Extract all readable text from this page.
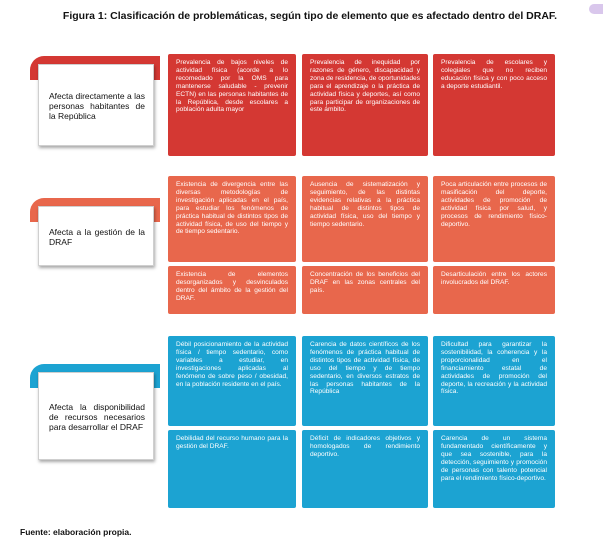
Figura 1: Clasificación de problemáticas, según tipo de elemento que es afectado dentro del DRAF.
Afecta directamente a las personas habitantes de la República
Prevalencia de bajos niveles de actividad física (acorde a lo recomedado por la OMS para mantenerse saludable - prevenir ECTN) en las personas habitantes de la República, desde escolares a población adulta mayor
Prevalencia de inequidad por razones de género, discapacidad y zona de residencia, de oportunidades para el aprendizaje o la práctica de actividad física y deportes, así como para participar de organizaciones de este ámbito.
Prevalencia de escolares y colegiales que no reciben educación física y con poco acceso a deporte estudiantil.
Afecta a la gestión de la DRAF
Existencia de divergencia entre las diversas metodologías de investigación aplicadas en el país, para estudiar los fenómenos de práctica habitual de distintos tipos de actividad física, de uso del tiempo y de tiempo sedentario.
Ausencia de sistematización y seguimiento, de las distintas evidencias relativas a la práctica habitual de distintos tipos de actividad física, uso del tiempo y tiempo sedentario.
Poca articulación entre procesos de masificación del deporte, actividades de promoción de actividad física por salud, y procesos de rendimiento físico-deportivo.
Existencia de elementos desorganizados y desvinculados dentro del ámbito de la gestión del DRAF.
Concentración de los beneficios del DRAF en las zonas centrales del país.
Desarticulación entre los actores involucrados del DRAF.
Afecta la disponibilidad de recursos necesarios para desarrollar el DRAF
Débil posicionamiento de la actividad física / tiempo sedentario, como variables a estudiar, en investigaciones aplicadas al fenómeno de sobre peso / obesidad, en la población residente en el país.
Carencia de datos científicos de los fenómenos de práctica habitual de distintos tipos de actividad física, de uso del tiempo y de tiempo sedentario, en diversos estratos de las personas habitantes de la República
Dificultad para garantizar la sostenibilidad, la coherencia y la proporcionalidad en el financiamiento estatal de actividades de promoción del deporte, la recreación y la actividad física.
Debilidad del recurso humano para la gestión del DRAF.
Déficit de indicadores objetivos y homologados de rendimiento deportivo.
Carencia de un sistema fundamentado científicamente y que sea sostenible, para la detección, seguimiento y promoción de personas con talento potencial para el rendimiento físico-deportivo.
Fuente: elaboración propia.
